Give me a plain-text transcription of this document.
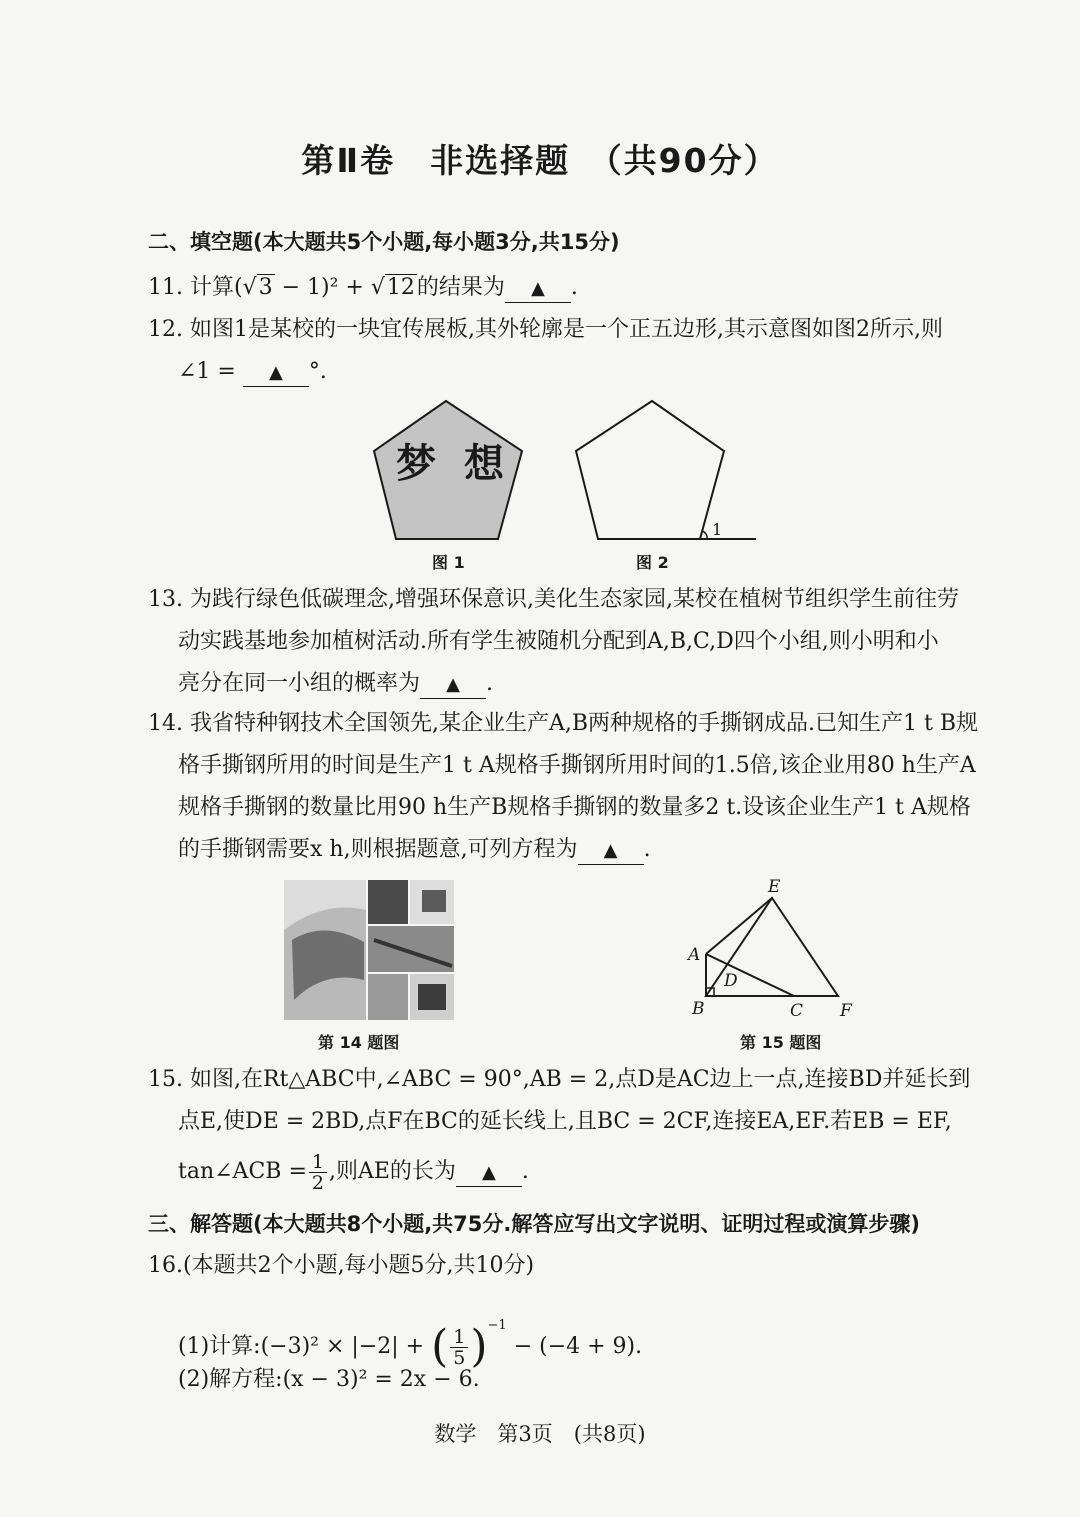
第Ⅱ卷　非选择题　（共90分）
二、填空题(本大题共5个小题,每小题3分,共15分)
11. 计算(√3 − 1)² + √12的结果为 ▲ .
12. 如图1是某校的一块宜传展板,其外轮廓是一个正五边形,其示意图如图2所示,则
∠1 = ▲ °.
梦 想
1
图 1	图 2
13. 为践行绿色低碳理念,增强环保意识,美化生态家园,某校在植树节组织学生前往劳
动实践基地参加植树活动.所有学生被随机分配到A,B,C,D四个小组,则小明和小
亮分在同一小组的概率为 ▲ .
14. 我省特种钢技术全国领先,某企业生产A,B两种规格的手撕钢成品.已知生产1 t B规
格手撕钢所用的时间是生产1 t A规格手撕钢所用时间的1.5倍,该企业用80 h生产A
规格手撕钢的数量比用90 h生产B规格手撕钢的数量多2 t.设该企业生产1 t A规格
的手撕钢需要x h,则根据题意,可列方程为 ▲ .
第 14 题图
E
A
D
B	C F
第 15 题图
15. 如图,在Rt△ABC中,∠ABC = 90°,AB = 2,点D是AC边上一点,连接BD并延长到
点E,使DE = 2BD,点F在BC的延长线上,且BC = 2CF,连接EA,EF.若EB = EF,
tan∠ACB = $\frac{1}{2}$ ,则AE的长为 ▲ .
三、解答题(本大题共8个小题,共75分.解答应写出文字说明、证明过程或演算步骤)
16.(本题共2个小题,每小题5分,共10分)
(1)计算:(−3)² × |−2| + ( $\frac{1}{5} )^{-1} - (-4 + 9)$.
(2)解方程:(x − 3)² = 2x − 6.
数学　第3页　(共8页)
